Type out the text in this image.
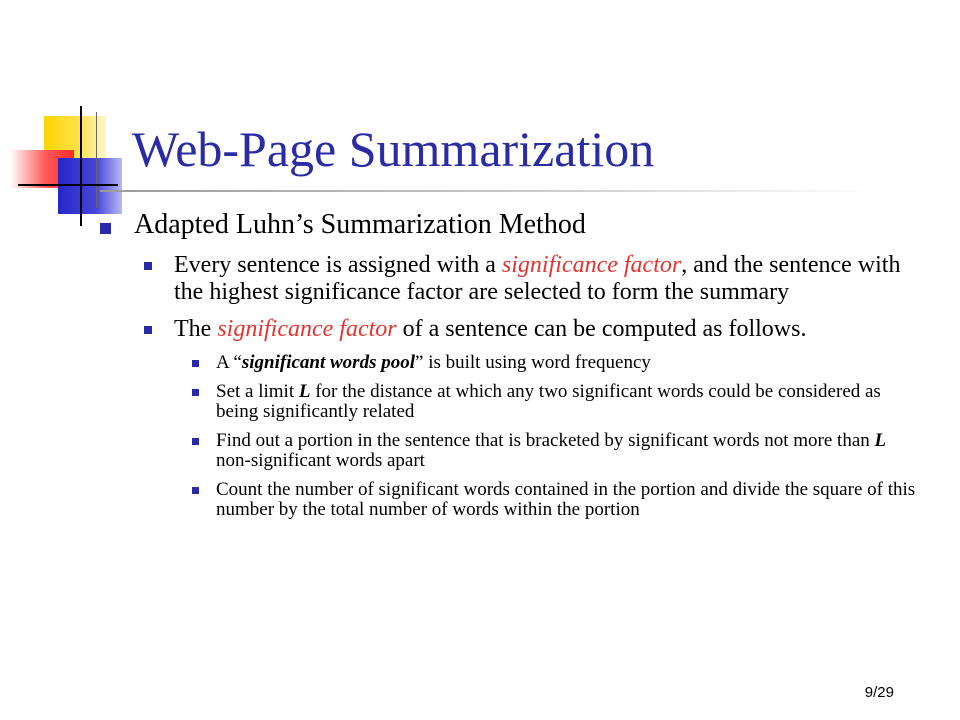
Web-Page Summarization
Adapted Luhn’s Summarization Method
Every sentence is assigned with a significance factor, and the sentence with the highest significance factor are selected to form the summary
The significance factor of a sentence can be computed as follows.
A “significant words pool” is built using word frequency
Set a limit L for the distance at which any two significant words could be considered as being significantly related
Find out a portion in the sentence that is bracketed by significant words not more than L non-significant words apart
Count the number of significant words contained in the portion and divide the square of this number by the total number of words within the portion
9/29
